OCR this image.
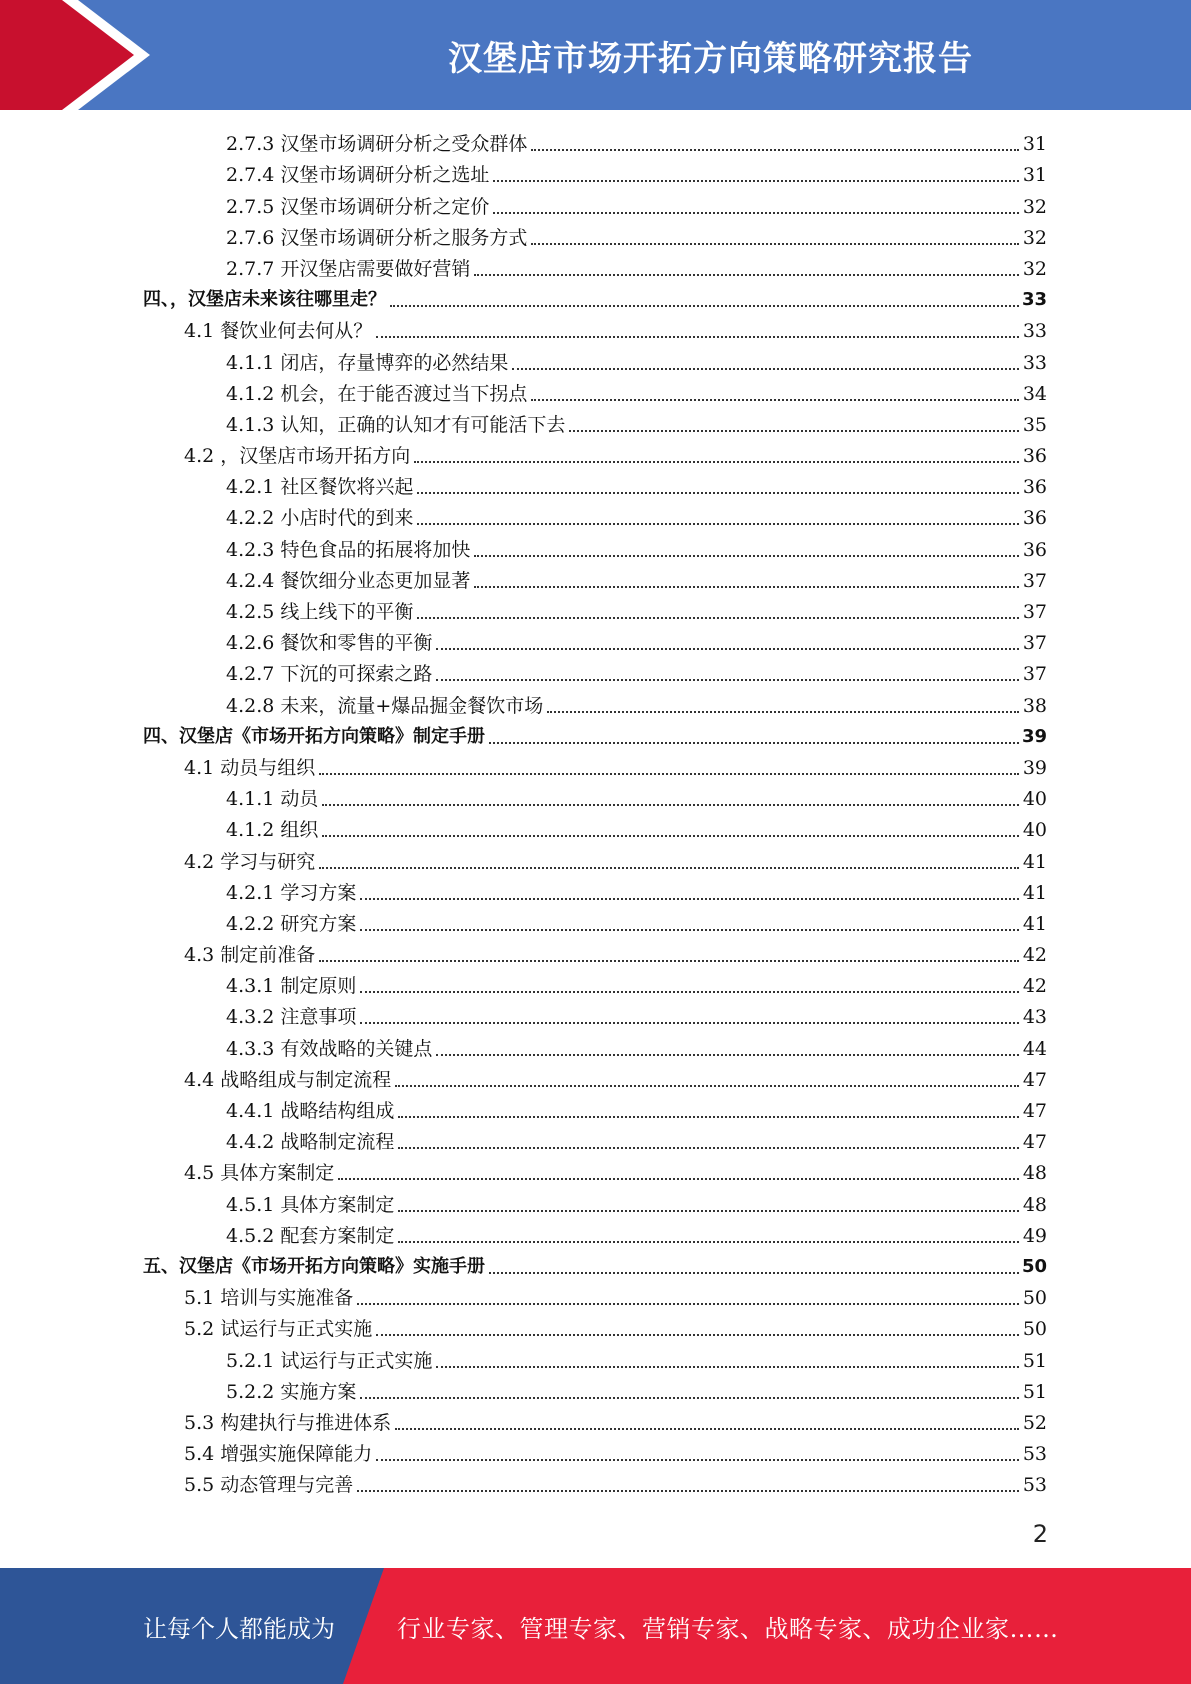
汉堡店市场开拓方向策略研究报告
2.7.3 汉堡市场调研分析之受众群体	31
2.7.4 汉堡市场调研分析之选址	31
2.7.5 汉堡市场调研分析之定价	32
2.7.6 汉堡市场调研分析之服务方式	32
2.7.7 开汉堡店需要做好营销	32
四、，汉堡店未来该往哪里走？	33
4.1 餐饮业何去何从？	33
4.1.1 闭店，存量博弈的必然结果	33
4.1.2 机会，在于能否渡过当下拐点	34
4.1.3 认知，正确的认知才有可能活下去	35
4.2 ，汉堡店市场开拓方向	36
4.2.1 社区餐饮将兴起	36
4.2.2 小店时代的到来	36
4.2.3 特色食品的拓展将加快	36
4.2.4 餐饮细分业态更加显著	37
4.2.5 线上线下的平衡	37
4.2.6 餐饮和零售的平衡	37
4.2.7 下沉的可探索之路	37
4.2.8 未来，流量+爆品掘金餐饮市场	38
四、汉堡店《市场开拓方向策略》制定手册	39
4.1 动员与组织	39
4.1.1 动员	40
4.1.2 组织	40
4.2 学习与研究	41
4.2.1 学习方案	41
4.2.2 研究方案	41
4.3 制定前准备	42
4.3.1 制定原则	42
4.3.2 注意事项	43
4.3.3 有效战略的关键点	44
4.4 战略组成与制定流程	47
4.4.1 战略结构组成	47
4.4.2 战略制定流程	47
4.5 具体方案制定	48
4.5.1 具体方案制定	48
4.5.2 配套方案制定	49
五、汉堡店《市场开拓方向策略》实施手册	50
5.1 培训与实施准备	50
5.2 试运行与正式实施	50
5.2.1 试运行与正式实施	51
5.2.2 实施方案	51
5.3 构建执行与推进体系	52
5.4 增强实施保障能力	53
5.5 动态管理与完善	53
2
让每个人都能成为	行业专家、管理专家、营销专家、战略专家、成功企业家……
